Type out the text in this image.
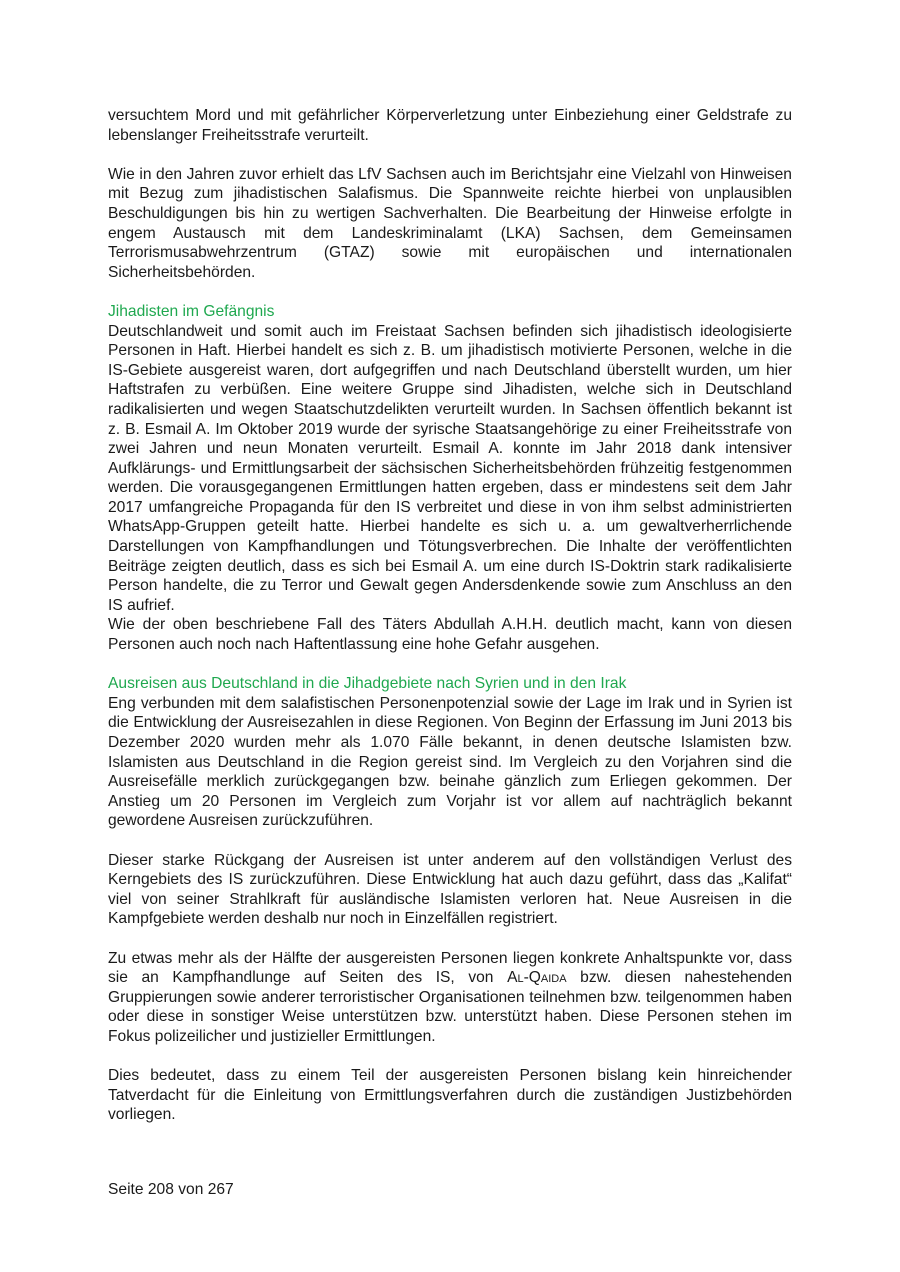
versuchtem Mord und mit gefährlicher Körperverletzung unter Einbeziehung einer Geldstrafe zu lebenslanger Freiheitsstrafe verurteilt.

Wie in den Jahren zuvor erhielt das LfV Sachsen auch im Berichtsjahr eine Vielzahl von Hinweisen mit Bezug zum jihadistischen Salafismus. Die Spannweite reichte hierbei von unplausiblen Beschuldigungen bis hin zu wertigen Sachverhalten. Die Bearbeitung der Hinweise erfolgte in engem Austausch mit dem Landeskriminalamt (LKA) Sachsen, dem Gemeinsamen Terrorismusabwehrzentrum (GTAZ) sowie mit europäischen und internationalen Sicherheitsbehörden.

Jihadisten im Gefängnis

Deutschlandweit und somit auch im Freistaat Sachsen befinden sich jihadistisch ideologisierte Personen in Haft. Hierbei handelt es sich z. B. um jihadistisch motivierte Personen, welche in die IS-Gebiete ausgereist waren, dort aufgegriffen und nach Deutschland überstellt wurden, um hier Haftstrafen zu verbüßen. Eine weitere Gruppe sind Jihadisten, welche sich in Deutschland radikalisierten und wegen Staatschutzdelikten verurteilt wurden. In Sachsen öffentlich bekannt ist z. B. Esmail A. Im Oktober 2019 wurde der syrische Staatsangehörige zu einer Freiheitsstrafe von zwei Jahren und neun Monaten verurteilt. Esmail A. konnte im Jahr 2018 dank intensiver Aufklärungs- und Ermittlungsarbeit der sächsischen Sicherheitsbehörden frühzeitig festgenommen werden. Die vorausgegangenen Ermittlungen hatten ergeben, dass er mindestens seit dem Jahr 2017 umfangreiche Propaganda für den IS verbreitet und diese in von ihm selbst administrierten WhatsApp-Gruppen geteilt hatte. Hierbei handelte es sich u. a. um gewaltverherrlichende Darstellungen von Kampfhandlungen und Tötungsverbrechen. Die Inhalte der veröffentlichten Beiträge zeigten deutlich, dass es sich bei Esmail A. um eine durch IS-Doktrin stark radikalisierte Person handelte, die zu Terror und Gewalt gegen Andersdenkende sowie zum Anschluss an den IS aufrief.

Wie der oben beschriebene Fall des Täters Abdullah A.H.H. deutlich macht, kann von diesen Personen auch noch nach Haftentlassung eine hohe Gefahr ausgehen.

Ausreisen aus Deutschland in die Jihadgebiete nach Syrien und in den Irak

Eng verbunden mit dem salafistischen Personenpotenzial sowie der Lage im Irak und in Syrien ist die Entwicklung der Ausreisezahlen in diese Regionen. Von Beginn der Erfassung im Juni 2013 bis Dezember 2020 wurden mehr als 1.070 Fälle bekannt, in denen deutsche Islamisten bzw. Islamisten aus Deutschland in die Region gereist sind. Im Vergleich zu den Vorjahren sind die Ausreisefälle merklich zurückgegangen bzw. beinahe gänzlich zum Erliegen gekommen. Der Anstieg um 20 Personen im Vergleich zum Vorjahr ist vor allem auf nachträglich bekannt gewordene Ausreisen zurückzuführen.

Dieser starke Rückgang der Ausreisen ist unter anderem auf den vollständigen Verlust des Kerngebiets des IS zurückzuführen. Diese Entwicklung hat auch dazu geführt, dass das „Kalifat“ viel von seiner Strahlkraft für ausländische Islamisten verloren hat. Neue Ausreisen in die Kampfgebiete werden deshalb nur noch in Einzelfällen registriert.

Zu etwas mehr als der Hälfte der ausgereisten Personen liegen konkrete Anhaltspunkte vor, dass sie an Kampfhandlunge auf Seiten des IS, von Al-Qaida bzw. diesen nahestehenden Gruppierungen sowie anderer terroristischer Organisationen teilnehmen bzw. teilgenommen haben oder diese in sonstiger Weise unterstützen bzw. unterstützt haben. Diese Personen stehen im Fokus polizeilicher und justizieller Ermittlungen.

Dies bedeutet, dass zu einem Teil der ausgereisten Personen bislang kein hinreichender Tatverdacht für die Einleitung von Ermittlungsverfahren durch die zuständigen Justizbehörden vorliegen.

Seite 208 von 267
